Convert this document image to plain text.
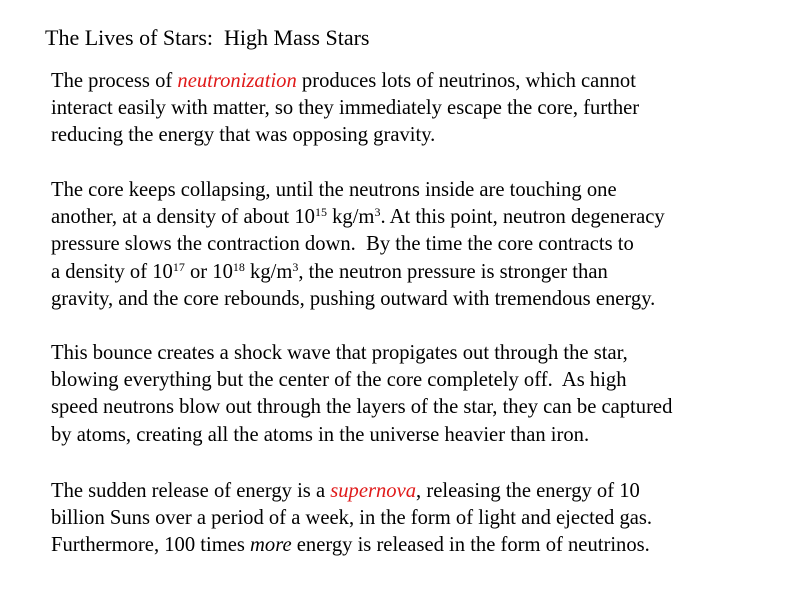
The Lives of Stars:  High Mass Stars
The process of neutronization produces lots of neutrinos, which cannot
interact easily with matter, so they immediately escape the core, further
reducing the energy that was opposing gravity.
The core keeps collapsing, until the neutrons inside are touching one
another, at a density of about $10^{15}$ $kg/m^3$. At this point, neutron degeneracy
pressure slows the contraction down.  By the time the core contracts to
a density of $10^{17}$ or $10^{18}$ $kg/m^3$, the neutron pressure is stronger than
gravity, and the core rebounds, pushing outward with tremendous energy.
This bounce creates a shock wave that propigates out through the star,
blowing everything but the center of the core completely off.  As high
speed neutrons blow out through the layers of the star, they can be captured
by atoms, creating all the atoms in the universe heavier than iron.
The sudden release of energy is a supernova, releasing the energy of 10
billion Suns over a period of a week, in the form of light and ejected gas.
Furthermore, 100 times more energy is released in the form of neutrinos.
